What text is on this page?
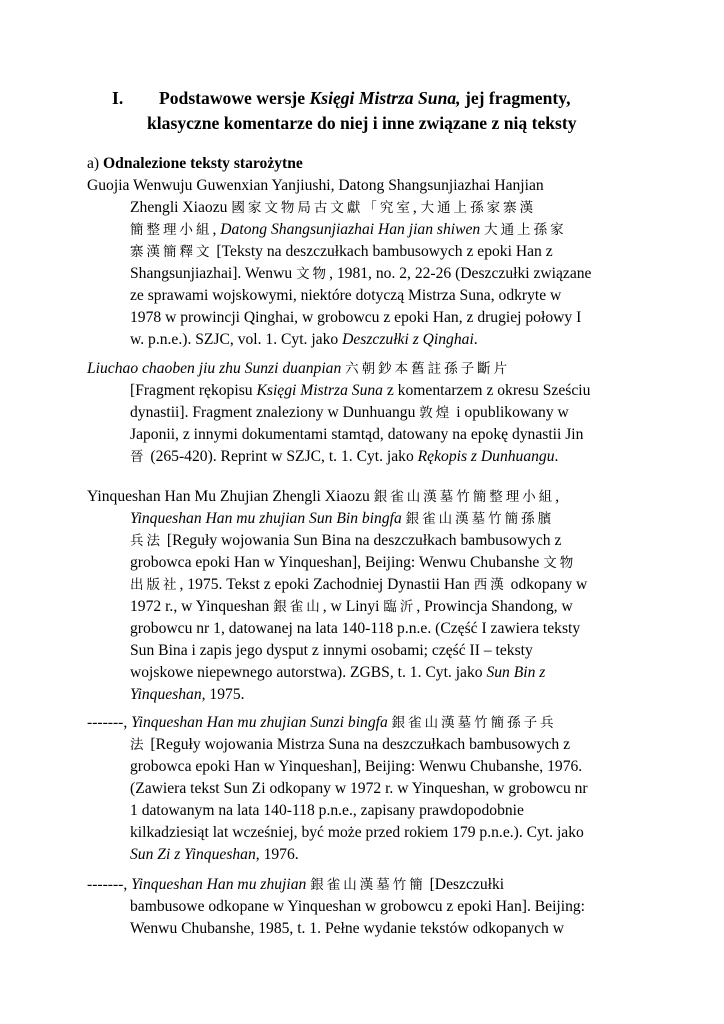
I. Podstawowe wersje Księgi Mistrza Suna, jej fragmenty,
klasyczne komentarze do niej i inne związane z nią teksty
a) Odnalezione teksty starożytne
Guojia Wenwuju Guwenxian Yanjiushi, Datong Shangsunjiazhai Hanjian
Zhengli Xiaozu 國家文物局古文獻「究室, 大通上孫家寨漢
簡整理小組, Datong Shangsunjiazhai Han jian shiwen 大通上孫家
寨漢簡釋文 [Teksty na deszczułkach bambusowych z epoki Han z
Shangsunjiazhai]. Wenwu 文物, 1981, no. 2, 22-26 (Deszczułki związane
ze sprawami wojskowymi, niektóre dotyczą Mistrza Suna, odkryte w
1978 w prowincji Qinghai, w grobowcu z epoki Han, z drugiej połowy I
w. p.n.e.). SZJC, vol. 1. Cyt. jako Deszczułki z Qinghai.
Liuchao chaoben jiu zhu Sunzi duanpian 六朝鈔本舊註孫子斷片
[Fragment rękopisu Księgi Mistrza Suna z komentarzem z okresu Sześciu
dynastii]. Fragment znaleziony w Dunhuangu 敦煌 i opublikowany w
Japonii, z innymi dokumentami stamtąd, datowany na epokę dynastii Jin
晉 (265-420). Reprint w SZJC, t. 1. Cyt. jako Rękopis z Dunhuangu.
Yinqueshan Han Mu Zhujian Zhengli Xiaozu 銀雀山漢墓竹簡整理小組,
Yinqueshan Han mu zhujian Sun Bin bingfa 銀雀山漢墓竹簡孫臏
兵法 [Reguły wojowania Sun Bina na deszczułkach bambusowych z
grobowca epoki Han w Yinqueshan], Beijing: Wenwu Chubanshe 文物
出版社, 1975. Tekst z epoki Zachodniej Dynastii Han 西漢 odkopany w
1972 r., w Yinqueshan 銀雀山, w Linyi 臨沂, Prowincja Shandong, w
grobowcu nr 1, datowanej na lata 140-118 p.n.e. (Część I zawiera teksty
Sun Bina i zapis jego dysput z innymi osobami; część II – teksty
wojskowe niepewnego autorstwa). ZGBS, t. 1. Cyt. jako Sun Bin z
Yinqueshan, 1975.
-------, Yinqueshan Han mu zhujian Sunzi bingfa 銀雀山漢墓竹簡孫子兵
法 [Reguły wojowania Mistrza Suna na deszczułkach bambusowych z
grobowca epoki Han w Yinqueshan], Beijing: Wenwu Chubanshe, 1976.
(Zawiera tekst Sun Zi odkopany w 1972 r. w Yinqueshan, w grobowcu nr
1 datowanym na lata 140-118 p.n.e., zapisany prawdopodobnie
kilkadziesiąt lat wcześniej, być może przed rokiem 179 p.n.e.). Cyt. jako
Sun Zi z Yinqueshan, 1976.
-------, Yinqueshan Han mu zhujian 銀雀山漢墓竹簡 [Deszczułki
bambusowe odkopane w Yinqueshan w grobowcu z epoki Han]. Beijing:
Wenwu Chubanshe, 1985, t. 1. Pełne wydanie tekstów odkopanych w
